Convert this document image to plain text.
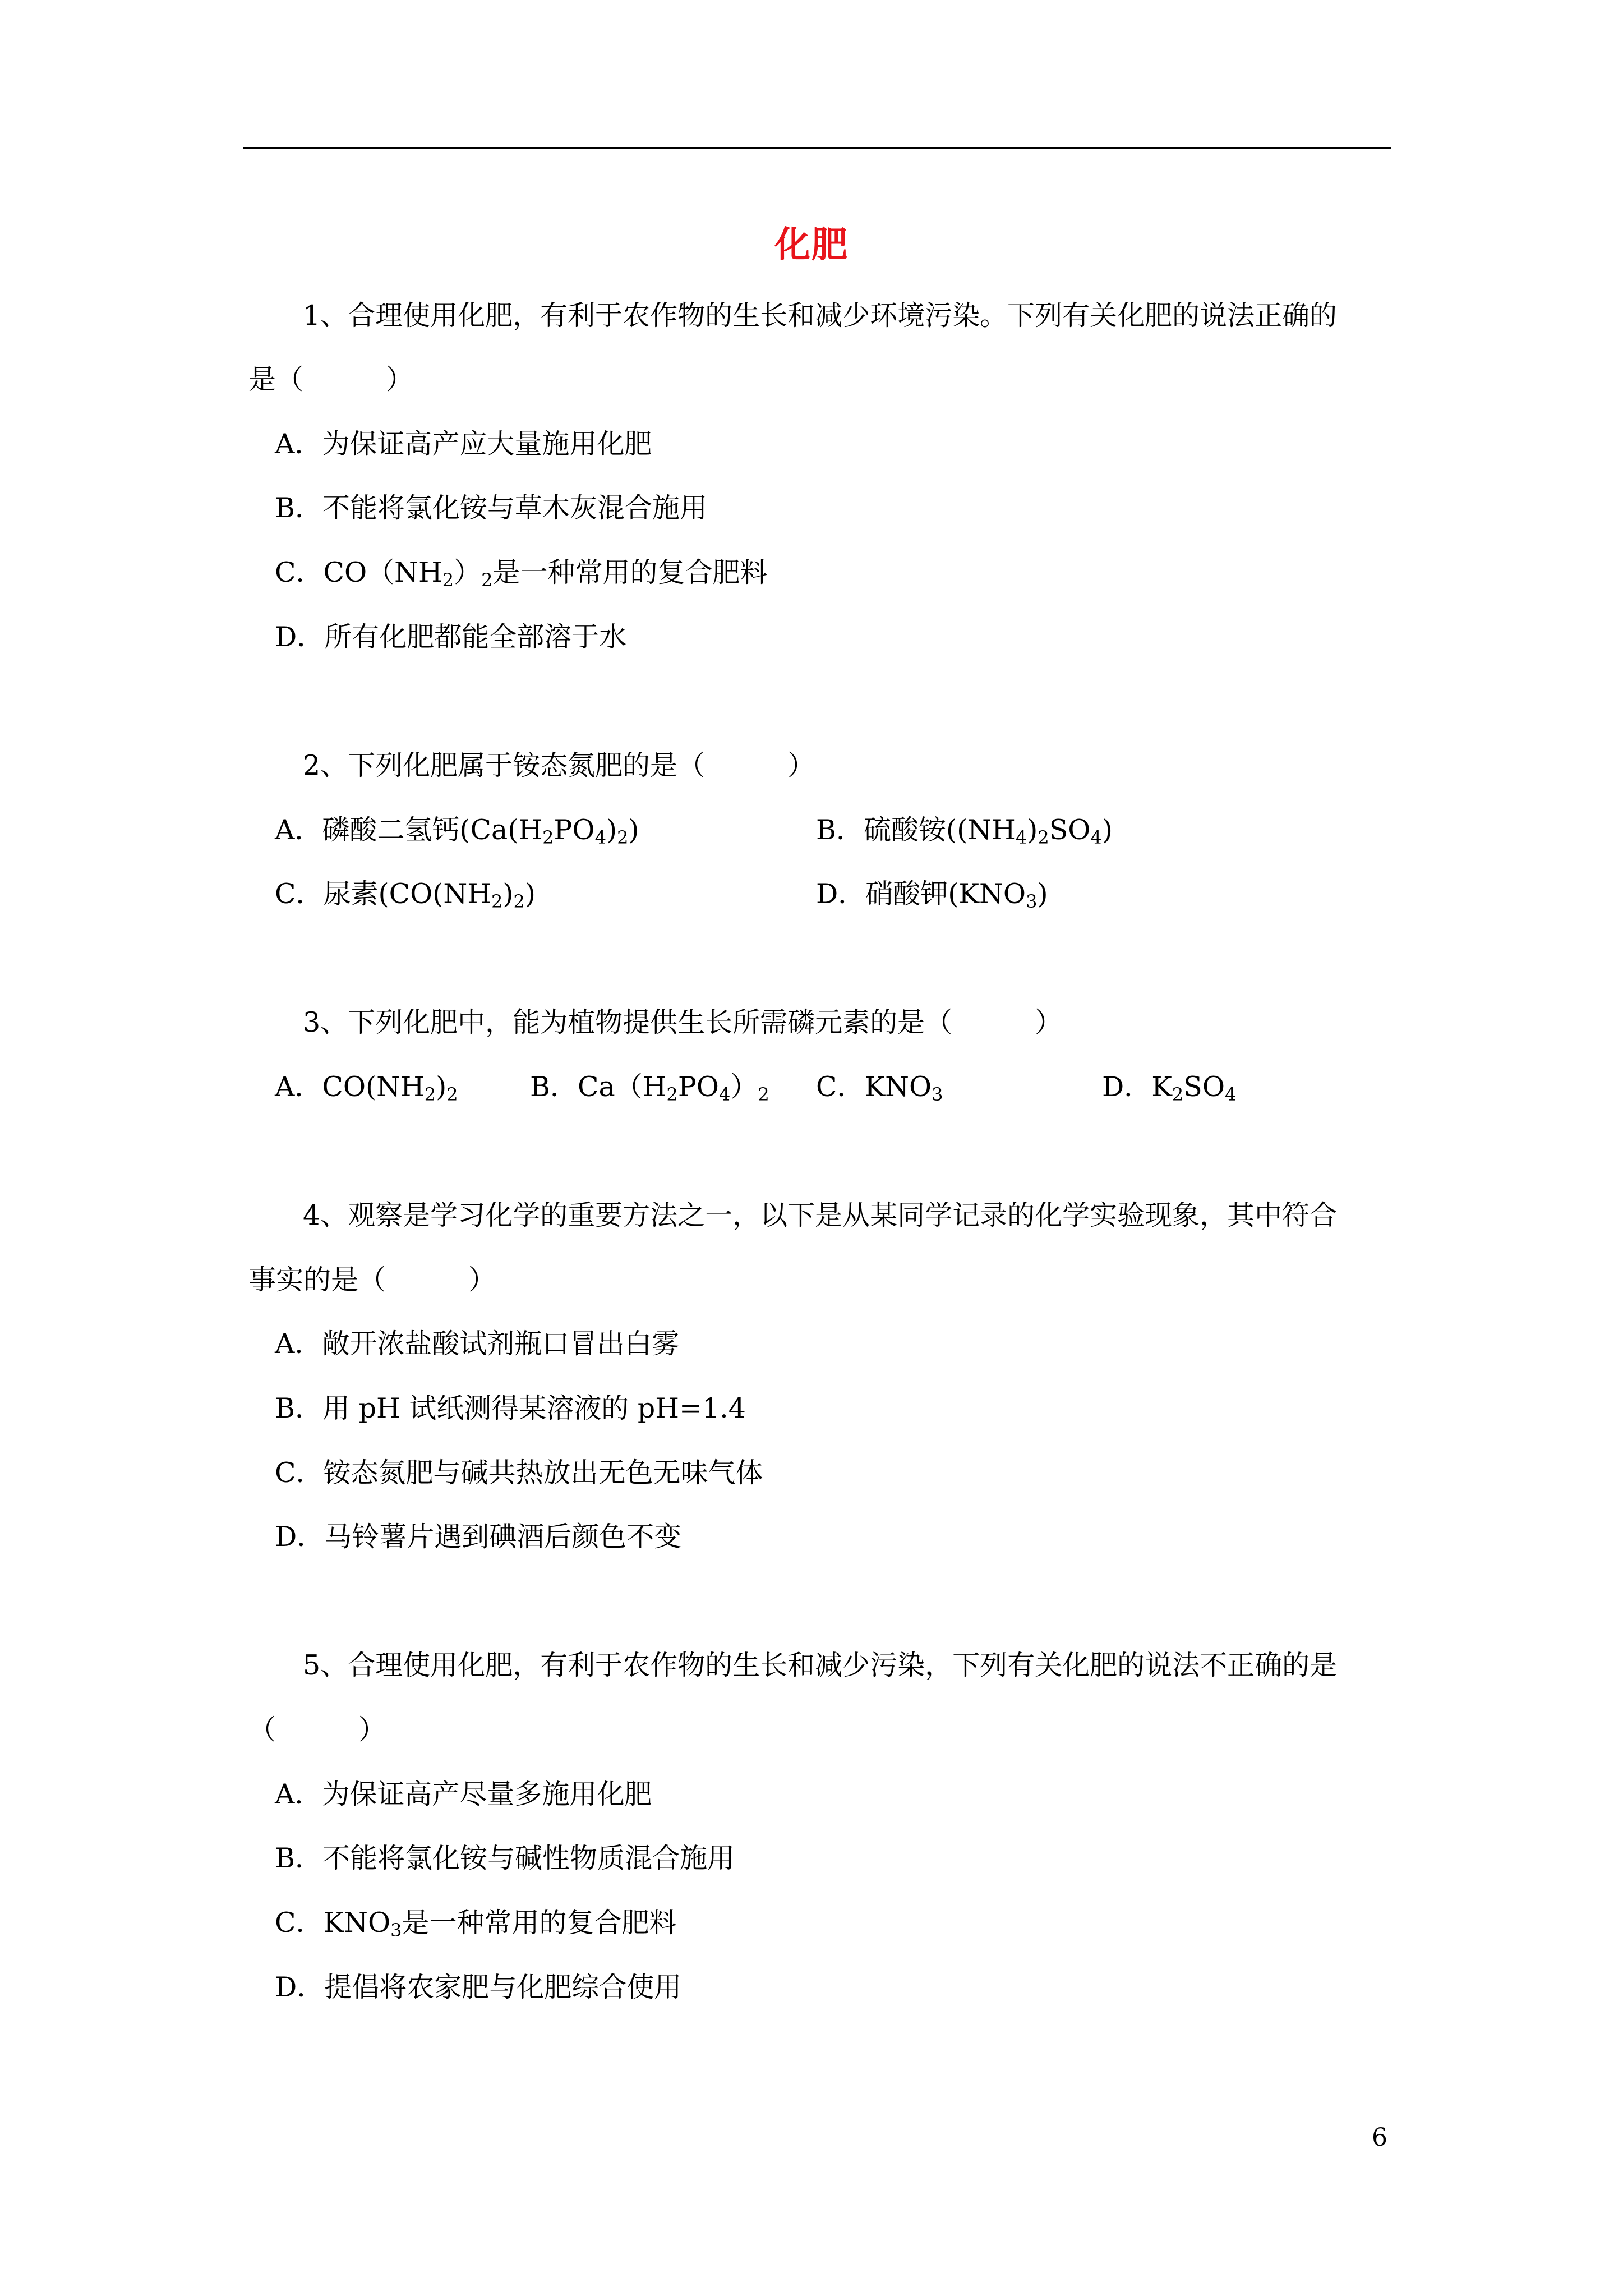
化肥
1、合理使用化肥，有利于农作物的生长和减少环境污染。下列有关化肥的说法正确的
是（　　　）
A．为保证高产应大量施用化肥
B．不能将氯化铵与草木灰混合施用
C．$CO(NH_2)_2$是一种常用的复合肥料
D．所有化肥都能全部溶于水
2、下列化肥属于铵态氮肥的是（　　　）
A．磷酸二氢钙$(Ca(H_2PO_4)_2)$	B．硫酸铵$((NH_4)_2SO_4)$
C．尿素$(CO(NH_2)_2)$	D．硝酸钾$(KNO_3)$
3、下列化肥中，能为植物提供生长所需磷元素的是（　　　）
A．$CO(NH_2)_2$	B．$Ca(H_2PO_4)_2$ C．$KNO_3$	D．$K_2SO_4$
4、观察是学习化学的重要方法之一，以下是从某同学记录的化学实验现象，其中符合
事实的是（　　　）
A．敞开浓盐酸试剂瓶口冒出白雾
B．用 pH 试纸测得某溶液的 pH=1.4
C．铵态氮肥与碱共热放出无色无味气体
D．马铃薯片遇到碘酒后颜色不变
5、合理使用化肥，有利于农作物的生长和减少污染，下列有关化肥的说法不正确的是
（　　　）
A．为保证高产尽量多施用化肥
B．不能将氯化铵与碱性物质混合施用
C．$KNO_3$是一种常用的复合肥料
D．提倡将农家肥与化肥综合使用
6
